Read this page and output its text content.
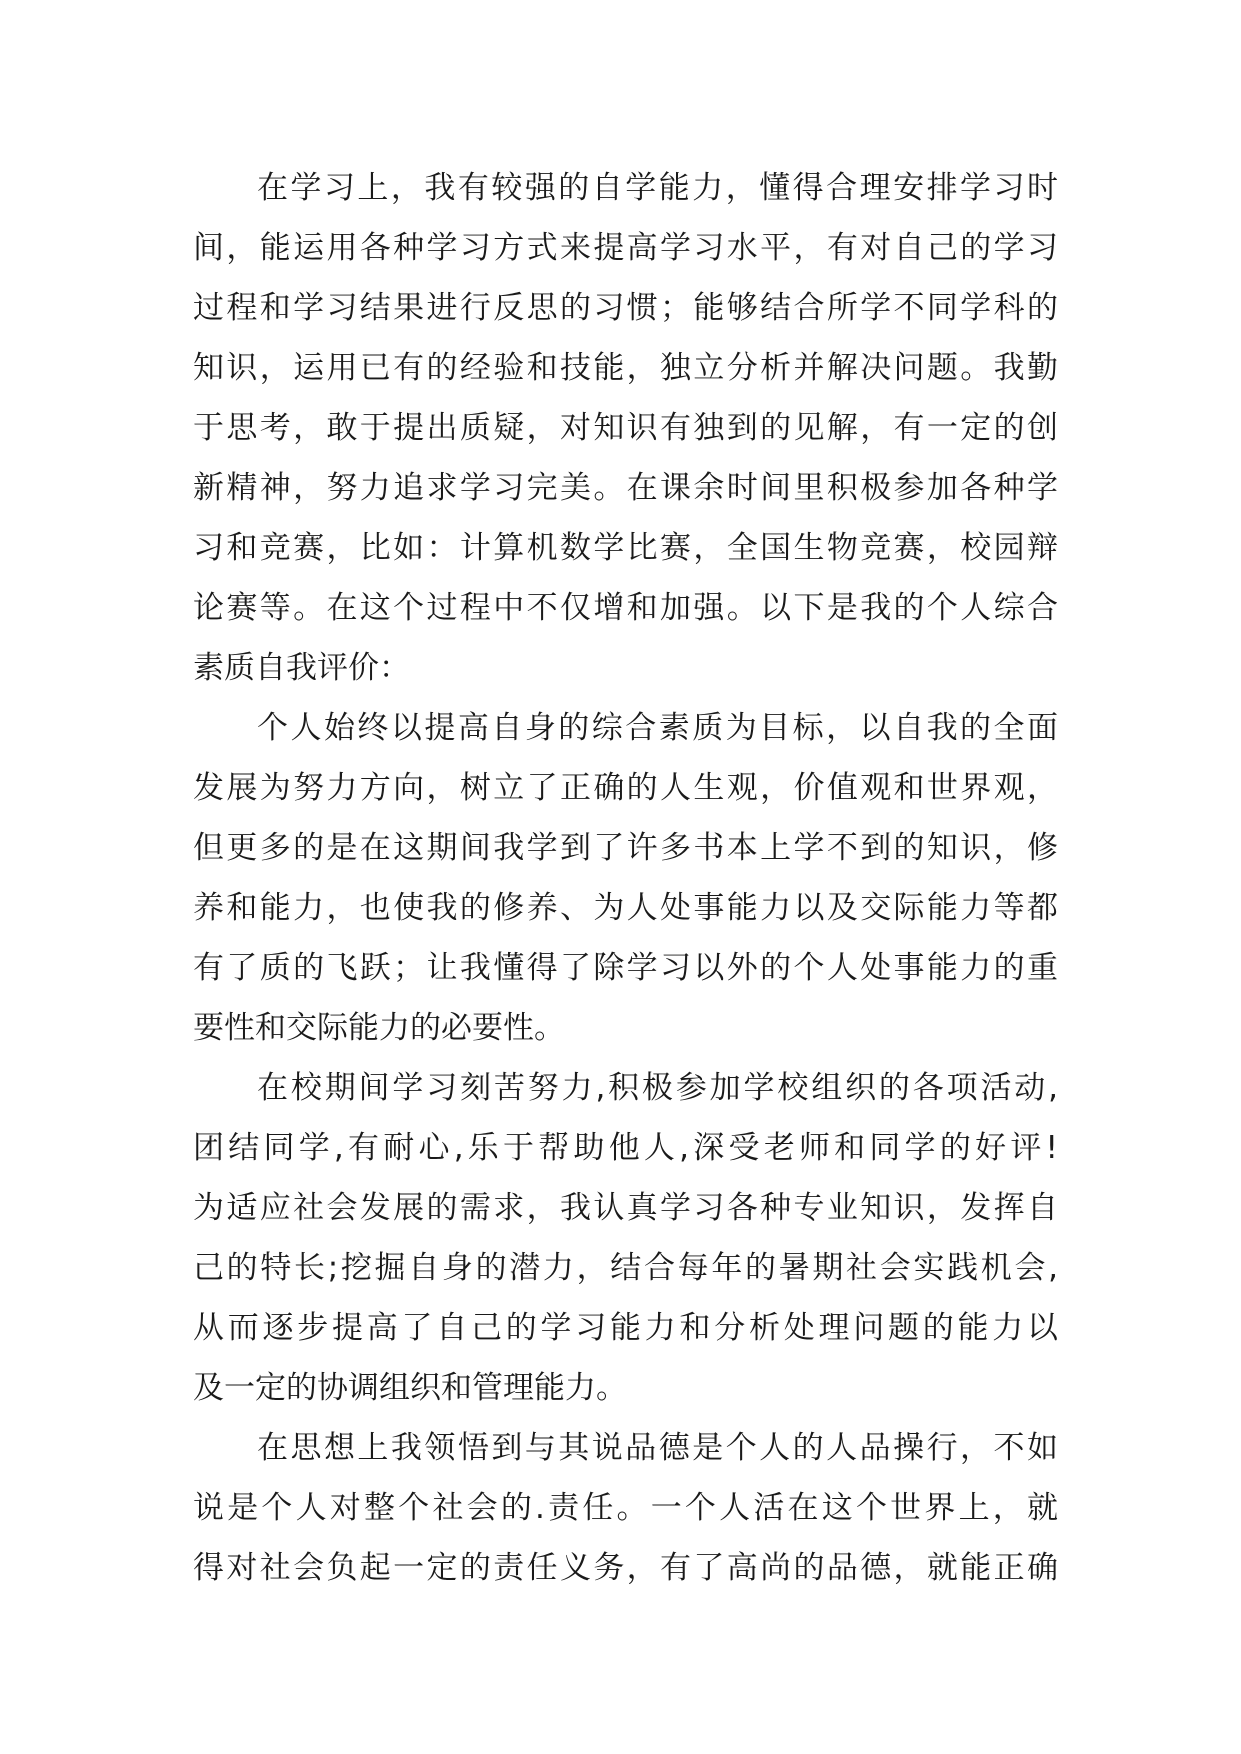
在学习上，我有较强的自学能力，懂得合理安排学习时
间，能运用各种学习方式来提高学习水平，有对自己的学习
过程和学习结果进行反思的习惯；能够结合所学不同学科的
知识，运用已有的经验和技能，独立分析并解决问题。我勤
于思考，敢于提出质疑，对知识有独到的见解，有一定的创
新精神，努力追求学习完美。在课余时间里积极参加各种学
习和竞赛，比如：计算机数学比赛，全国生物竞赛，校园辩
论赛等。在这个过程中不仅增和加强。以下是我的个人综合
素质自我评价：
个人始终以提高自身的综合素质为目标，以自我的全面
发展为努力方向，树立了正确的人生观，价值观和世界观，
但更多的是在这期间我学到了许多书本上学不到的知识，修
养和能力，也使我的修养、为人处事能力以及交际能力等都
有了质的飞跃；让我懂得了除学习以外的个人处事能力的重
要性和交际能力的必要性。
在校期间学习刻苦努力,积极参加学校组织的各项活动,
团结同学,有耐心,乐于帮助他人,深受老师和同学的好评!
为适应社会发展的需求，我认真学习各种专业知识，发挥自
己的特长;挖掘自身的潜力，结合每年的暑期社会实践机会,
从而逐步提高了自己的学习能力和分析处理问题的能力以
及一定的协调组织和管理能力。
在思想上我领悟到与其说品德是个人的人品操行，不如
说是个人对整个社会的.责任。一个人活在这个世界上，就
得对社会负起一定的责任义务，有了高尚的品德，就能正确
